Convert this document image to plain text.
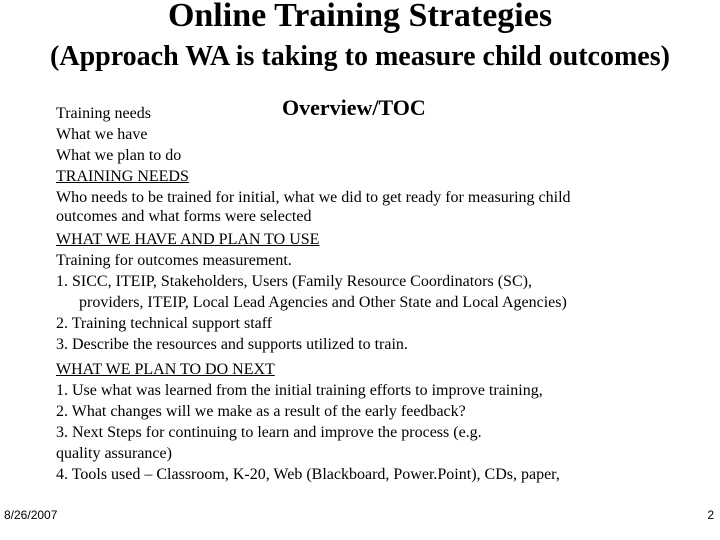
Online Training Strategies
(Approach WA is taking to measure child outcomes)
Overview/TOC
Training needs
What we have
What we plan to do
TRAINING NEEDS
Who needs to be trained for initial, what we did to get ready for measuring child
outcomes and what forms were selected
WHAT WE HAVE AND PLAN TO USE
Training for outcomes measurement.
1. SICC, ITEIP, Stakeholders, Users (Family Resource Coordinators (SC),
providers, ITEIP, Local Lead Agencies and Other State and Local Agencies)
2. Training technical support staff
3. Describe the resources and supports utilized to train.
WHAT WE PLAN TO DO NEXT
1. Use what was learned from the initial training efforts to improve training,
2. What changes will we make as a result of the early feedback?
3. Next Steps for continuing to learn and improve the process (e.g.
quality assurance)
4. Tools used – Classroom, K-20, Web (Blackboard, Power.Point), CDs, paper,
8/26/2007	2
